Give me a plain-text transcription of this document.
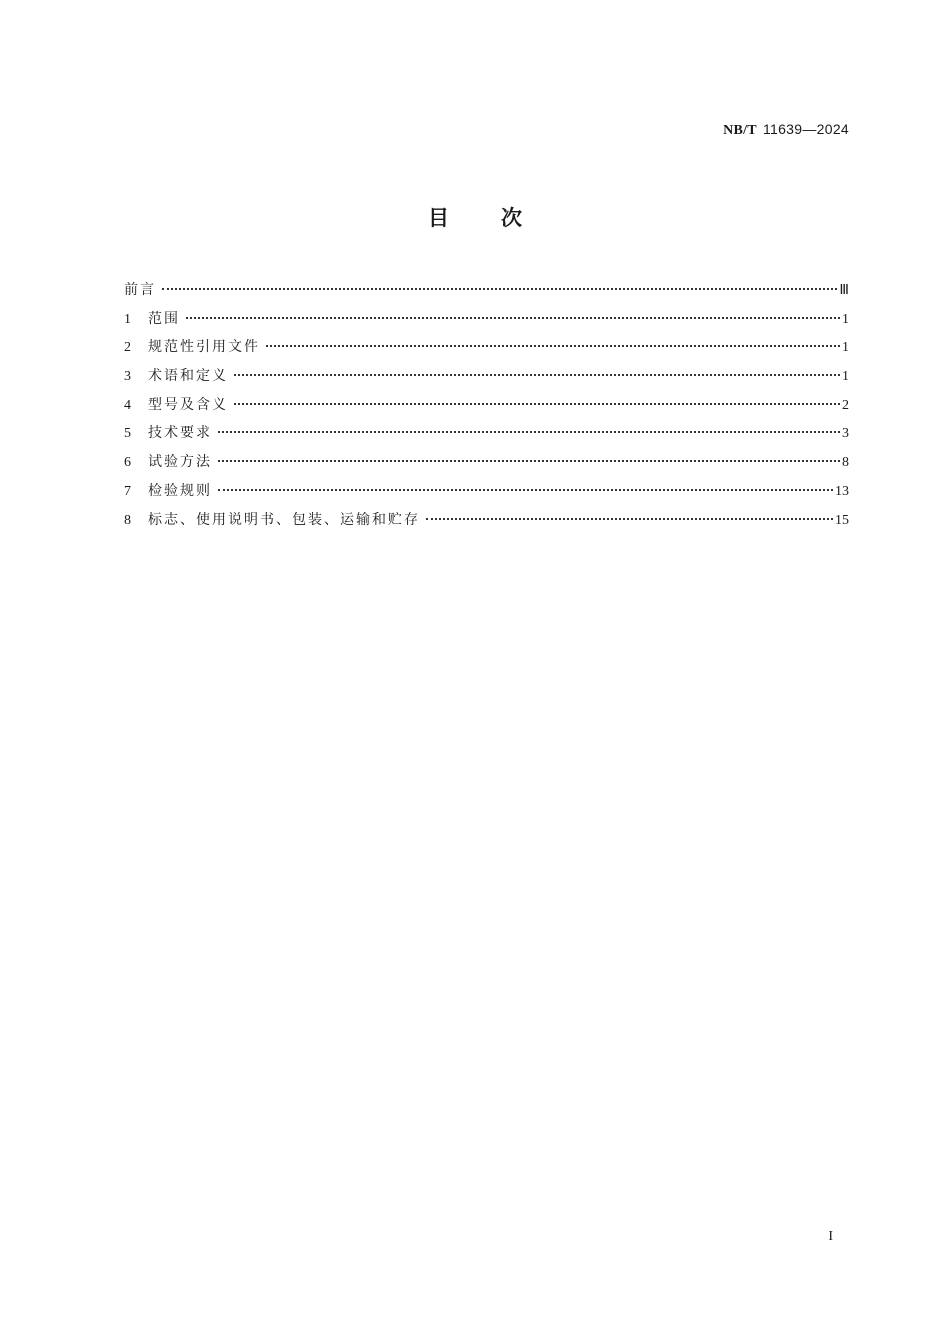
NB/T 11639—2024
目次
前言	Ⅲ
1	范围	1
2	规范性引用文件	1
3	术语和定义	1
4	型号及含义	2
5	技术要求	3
6	试验方法	8
7	检验规则	13
8	标志、使用说明书、包装、运输和贮存	15
I
